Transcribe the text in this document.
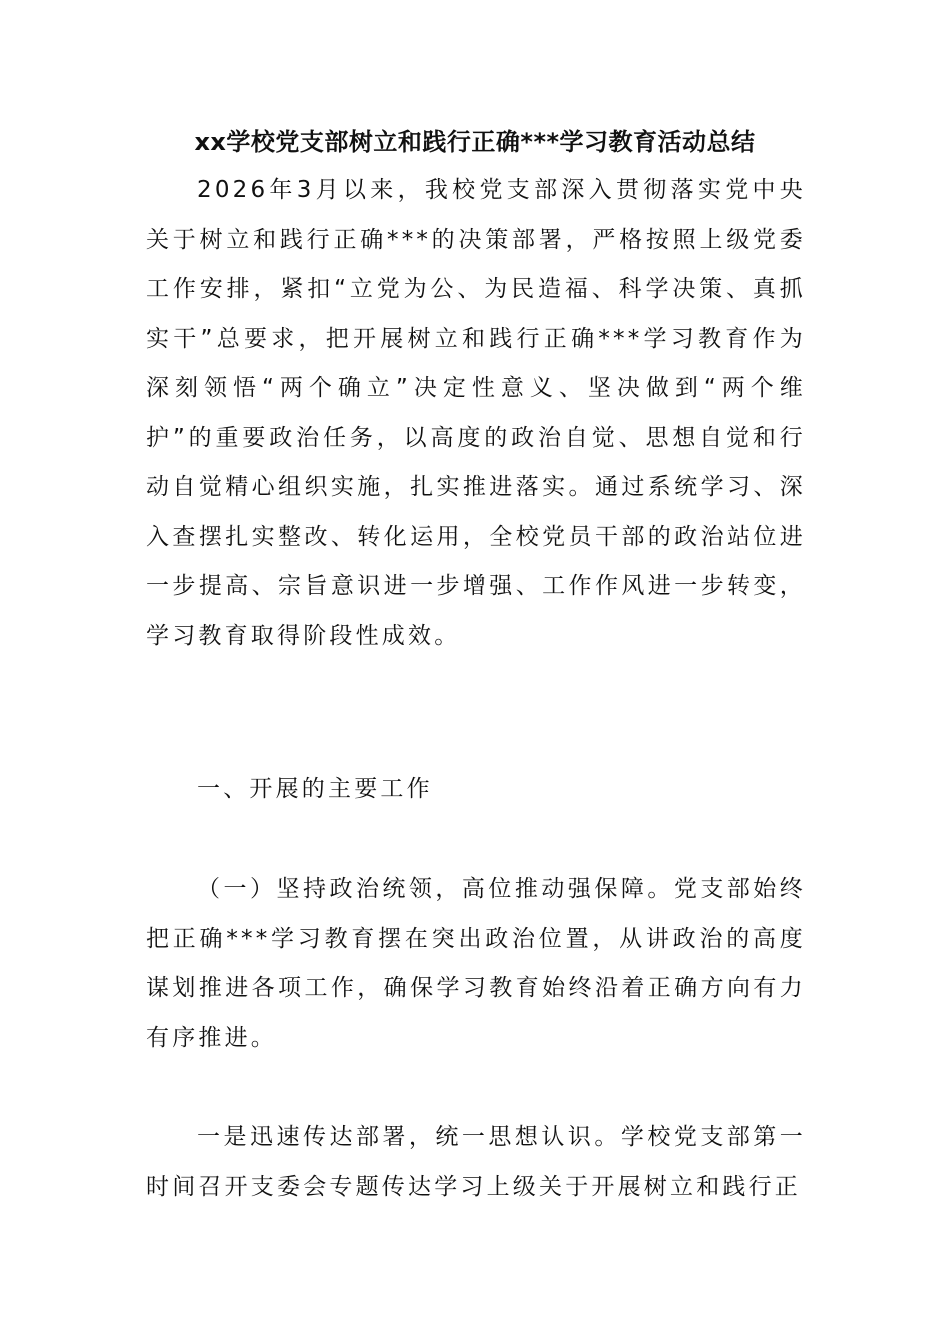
xx学校党支部树立和践行正确***学习教育活动总结

2026年3月以来，我校党支部深入贯彻落实党中央关于树立和践行正确***的决策部署，严格按照上级党委工作安排，紧扣“立党为公、为民造福、科学决策、真抓实干”总要求，把开展树立和践行正确***学习教育作为深刻领悟“两个确立”决定性意义、坚决做到“两个维护”的重要政治任务，以高度的政治自觉、思想自觉和行动自觉精心组织实施，扎实推进落实。通过系统学习、深入查摆扎实整改、转化运用，全校党员干部的政治站位进一步提高、宗旨意识进一步增强、工作作风进一步转变，学习教育取得阶段性成效。

一、开展的主要工作

（一）坚持政治统领，高位推动强保障。党支部始终把正确***学习教育摆在突出政治位置，从讲政治的高度谋划推进各项工作，确保学习教育始终沿着正确方向有力有序推进。

一是迅速传达部署，统一思想认识。学校党支部第一时间召开支委会专题传达学习上级关于开展树立和践行正
